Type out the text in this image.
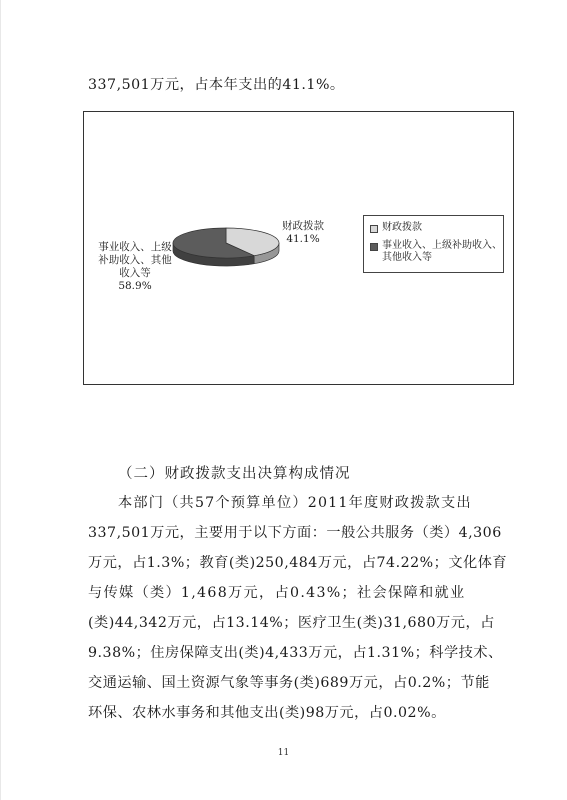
337,501万元，占本年支出的41.1%。
财政拨款
41.1%
事业收入、上级
补助收入、其他
收入等
58.9%
财政拨款
事业收入、上级补助收入、其他收入等
（二）财政拨款支出决算构成情况
本部门（共57个预算单位）2011年度财政拨款支出
337,501万元，主要用于以下方面：一般公共服务（类）4,306
万元，占1.3%；教育(类)250,484万元，占74.22%；文化体育
与传媒（类）1,468万元，占0.43%；社会保障和就业
(类)44,342万元，占13.14%；医疗卫生(类)31,680万元，占
9.38%；住房保障支出(类)4,433万元，占1.31%；科学技术、
交通运输、国土资源气象等事务(类)689万元，占0.2%；节能
环保、农林水事务和其他支出(类)98万元，占0.02%。
11
